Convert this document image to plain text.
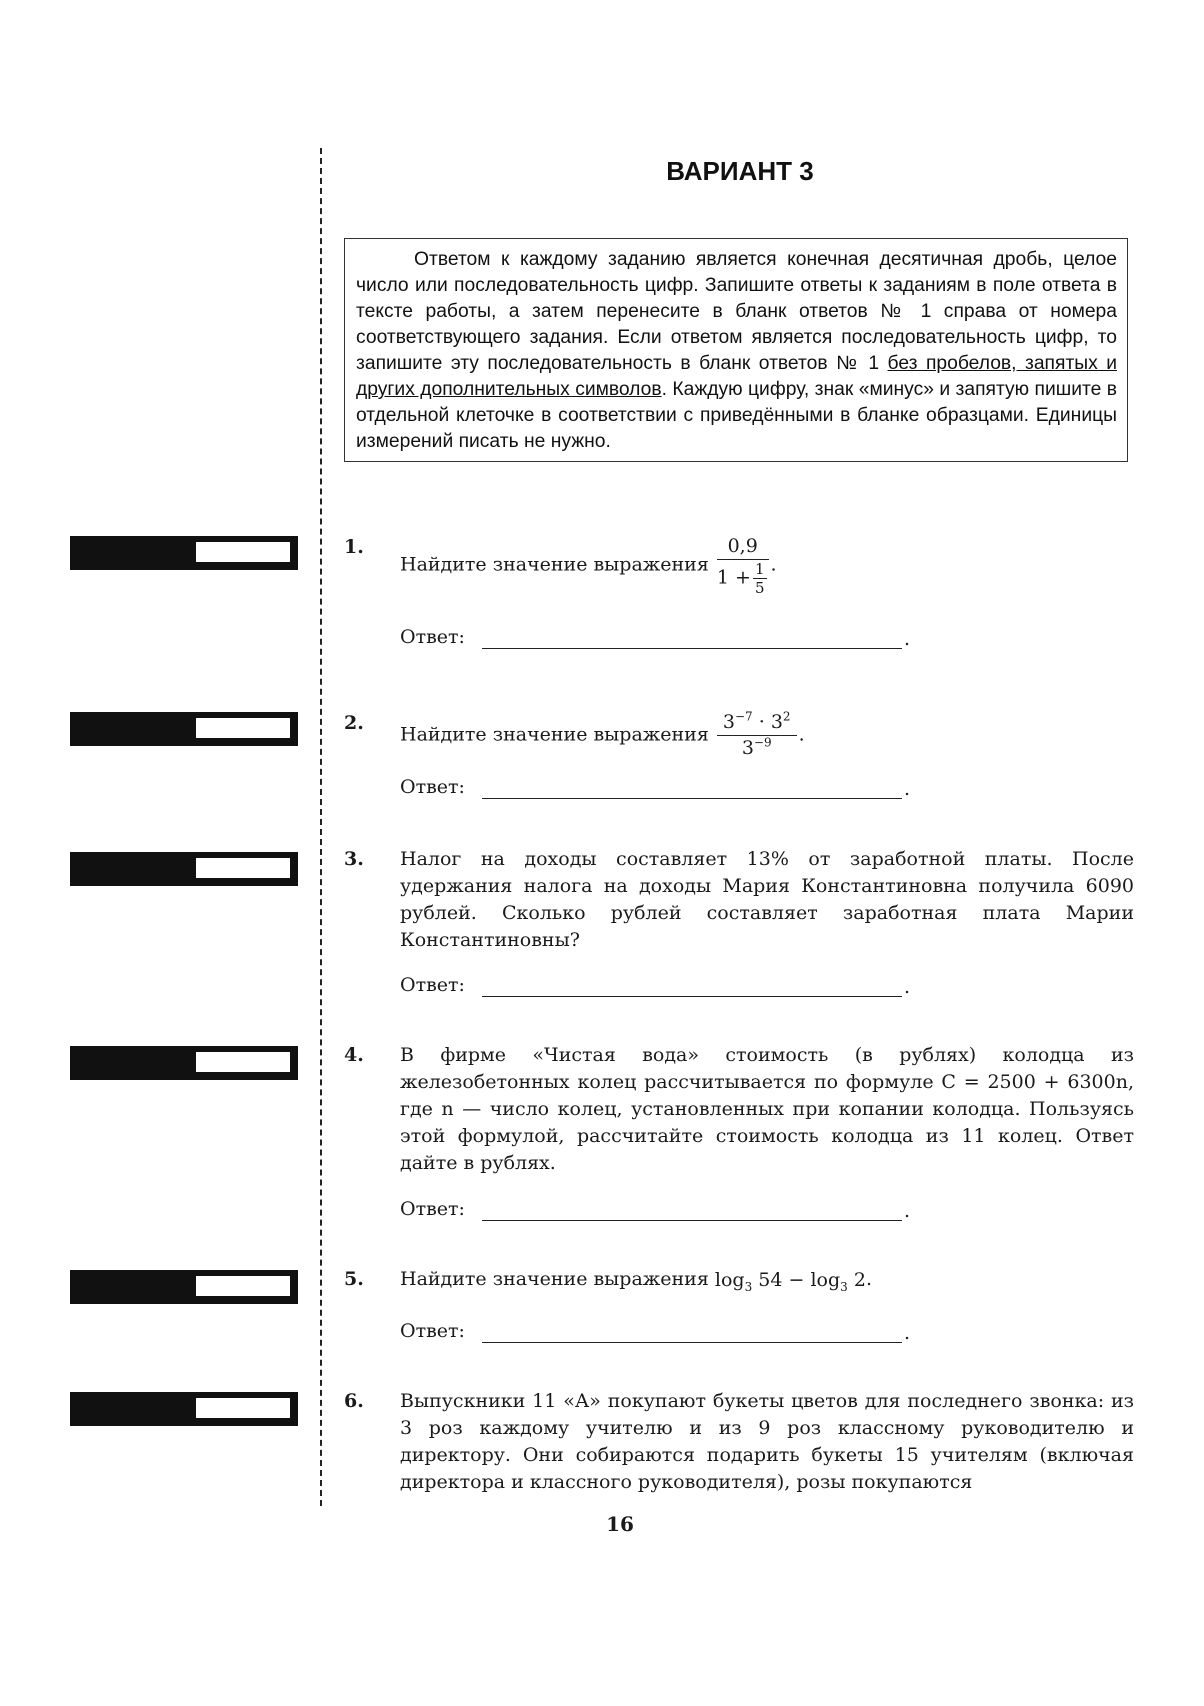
ВАРИАНТ 3
Ответом к каждому заданию является конечная десятичная дробь, целое число или последовательность цифр. Запишите ответы к заданиям в поле ответа в тексте работы, а затем перенесите в бланк ответов № 1 справа от номера соответствующего задания. Если ответом является последовательность цифр, то запишите эту последовательность в бланк ответов № 1 без пробелов, запятых и других дополнительных символов. Каждую цифру, знак «минус» и запятую пишите в отдельной клеточке в соответствии с приведёнными в бланке образцами. Единицы измерений писать не нужно.
1.
Найдите значение выражения $\frac{0,9}{1 + \frac{1}{5}}$ .
Ответ:	.
2.
Найдите значение выражения $\frac{3^{-7} \cdot 3^2}{3^{-9}}$ .
Ответ:	.
3. Налог на доходы составляет 13% от заработной платы. После удержания налога на доходы Мария Константиновна получила 6090 рублей. Сколько рублей составляет заработная плата Марии Константиновны?
Ответ:	.
4. В фирме «Чистая вода» стоимость (в рублях) колодца из железобетонных колец рассчитывается по формуле C = 2500 + 6300n, где n — число колец, установленных при копании колодца. Пользуясь этой формулой, рассчитайте стоимость колодца из 11 колец. Ответ дайте в рублях.
Ответ:	.
5. Найдите значение выражения $\log_3 54 - \log_3 2$.
Ответ:	.
6. Выпускники 11 «А» покупают букеты цветов для последнего звонка: из 3 роз каждому учителю и из 9 роз классному руководителю и директору. Они собираются подарить букеты 15 учителям (включая директора и классного руководителя), розы покупаются
16
